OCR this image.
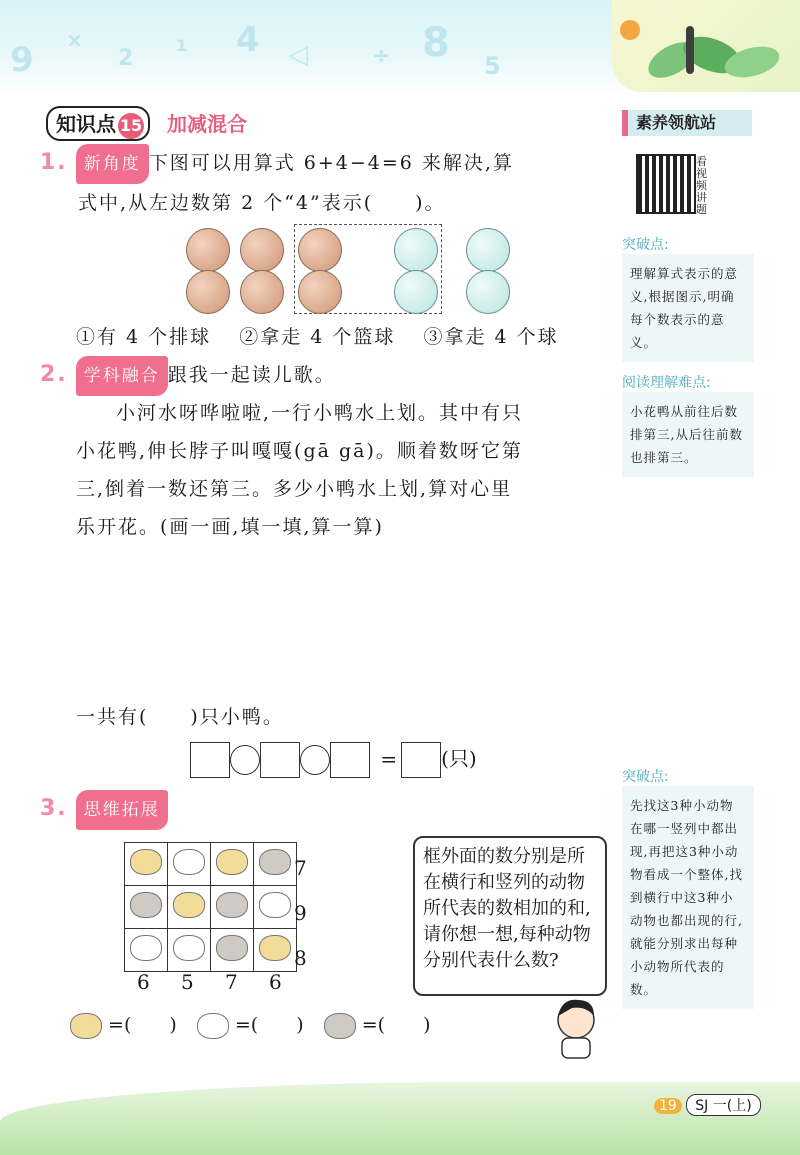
9 ×
2
1 4 ◁	÷ 8 5
知识点 15 加减混合
1. 新角度 下图可以用算式 6+4−4=6 来解决,算
式中,从左边数第 2 个“4”表示(　　)。
①有 4 个排球 ②拿走 4 个篮球 ③拿走 4 个球
2. 学科融合 跟我一起读儿歌。
小河水呀哗啦啦,一行小鸭水上划。其中有只
小花鸭,伸长脖子叫嘎嘎(gā gā)。顺着数呀它第
三,倒着一数还第三。多少小鸭水上划,算对心里
乐开花。(画一画,填一填,算一算)
一共有(　　)只小鸭。
= (只)
3. 思维拓展

7
9
8
6 5 7 6
框外面的数分别是所在横行和竖列的动物所代表的数相加的和,请你想一想,每种动物分别代表什么数?
=(　　)	=(　　)	=(　　)
素养领航站
看
视
频
讲
题
突破点:
理解算式表示的意义,根据图示,明确每个数表示的意义。
阅读理解难点:
小花鸭从前往后数排第三,从后往前数也排第三。
突破点:
先找这3种小动物在哪一竖列中都出现,再把这3种小动物看成一个整体,找到横行中这3种小动物也都出现的行,就能分别求出每种小动物所代表的数。
19 SJ 一(上)
